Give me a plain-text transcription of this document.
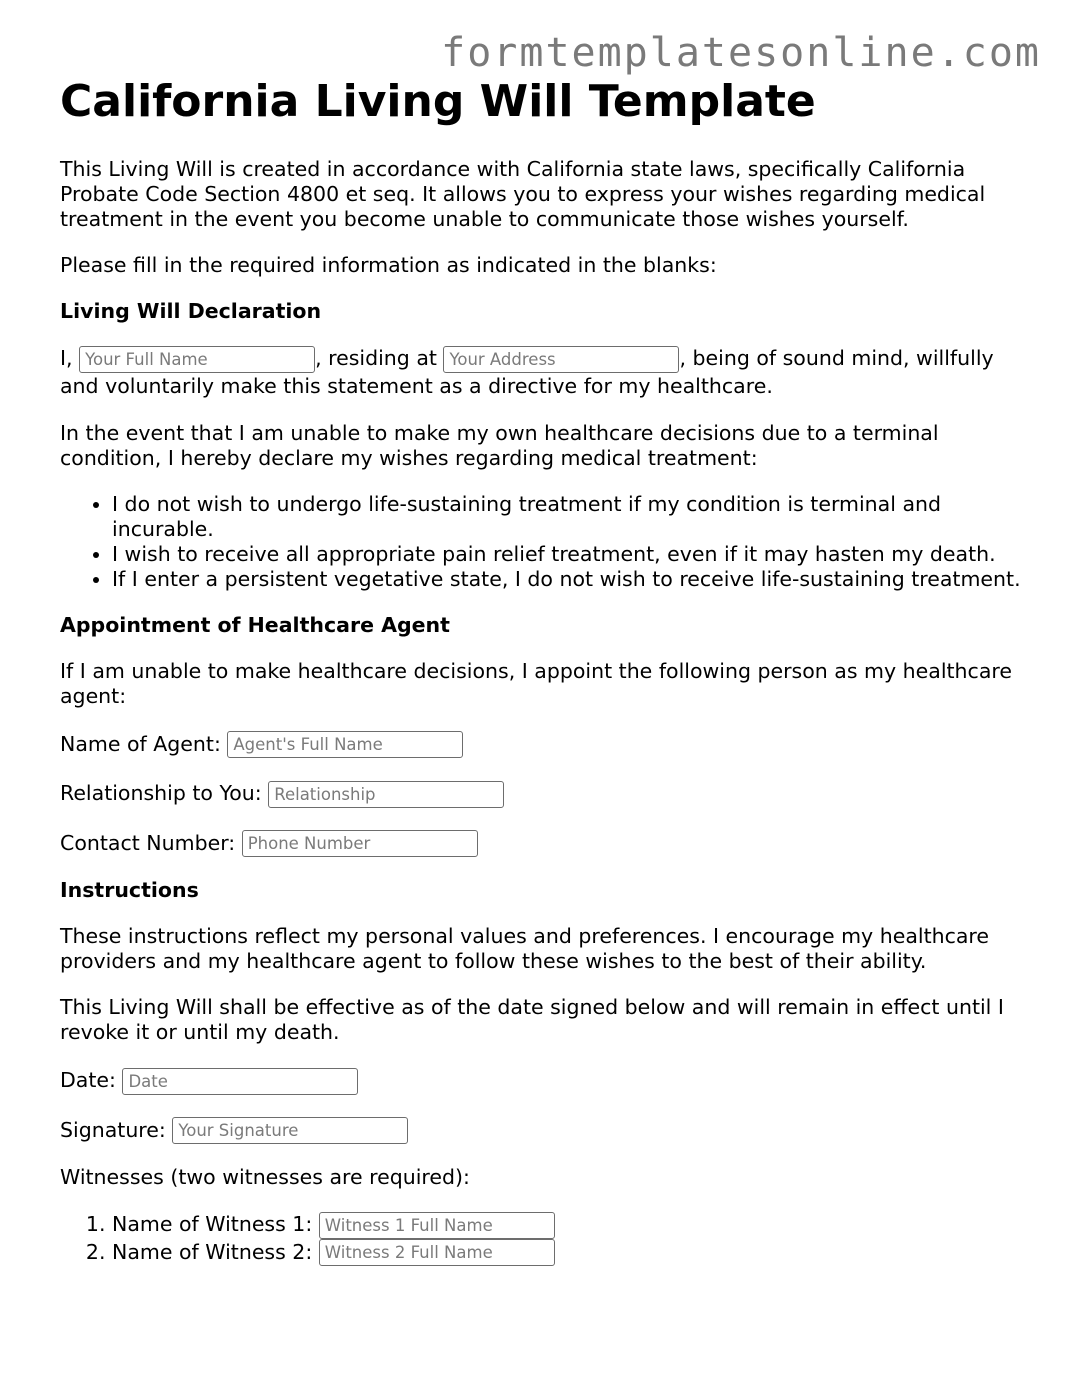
formtemplatesonline.com
California Living Will Template

This Living Will is created in accordance with California state laws, specifically California Probate Code Section 4800 et seq. It allows you to express your wishes regarding medical treatment in the event you become unable to communicate those wishes yourself.

Please fill in the required information as indicated in the blanks:

Living Will Declaration

I, Your Full Name	, residing at Your Address	, being of sound mind, willfully and voluntarily make this statement as a directive for my healthcare.

In the event that I am unable to make my own healthcare decisions due to a terminal condition, I hereby declare my wishes regarding medical treatment:

• I do not wish to undergo life-sustaining treatment if my condition is terminal and incurable.
• I wish to receive all appropriate pain relief treatment, even if it may hasten my death.
• If I enter a persistent vegetative state, I do not wish to receive life-sustaining treatment.
Appointment of Healthcare Agent

If I am unable to make healthcare decisions, I appoint the following person as my healthcare agent:

Name of Agent: Agent's Full Name
Relationship to You: Relationship
Contact Number: Phone Number
Instructions

These instructions reflect my personal values and preferences. I encourage my healthcare providers and my healthcare agent to follow these wishes to the best of their ability.

This Living Will shall be effective as of the date signed below and will remain in effect until I revoke it or until my death.

Date: Date
Signature: Your Signature

Witnesses (two witnesses are required):

1. Name of Witness 1: Witness 1 Full Name
2. Name of Witness 2: Witness 2 Full Name
